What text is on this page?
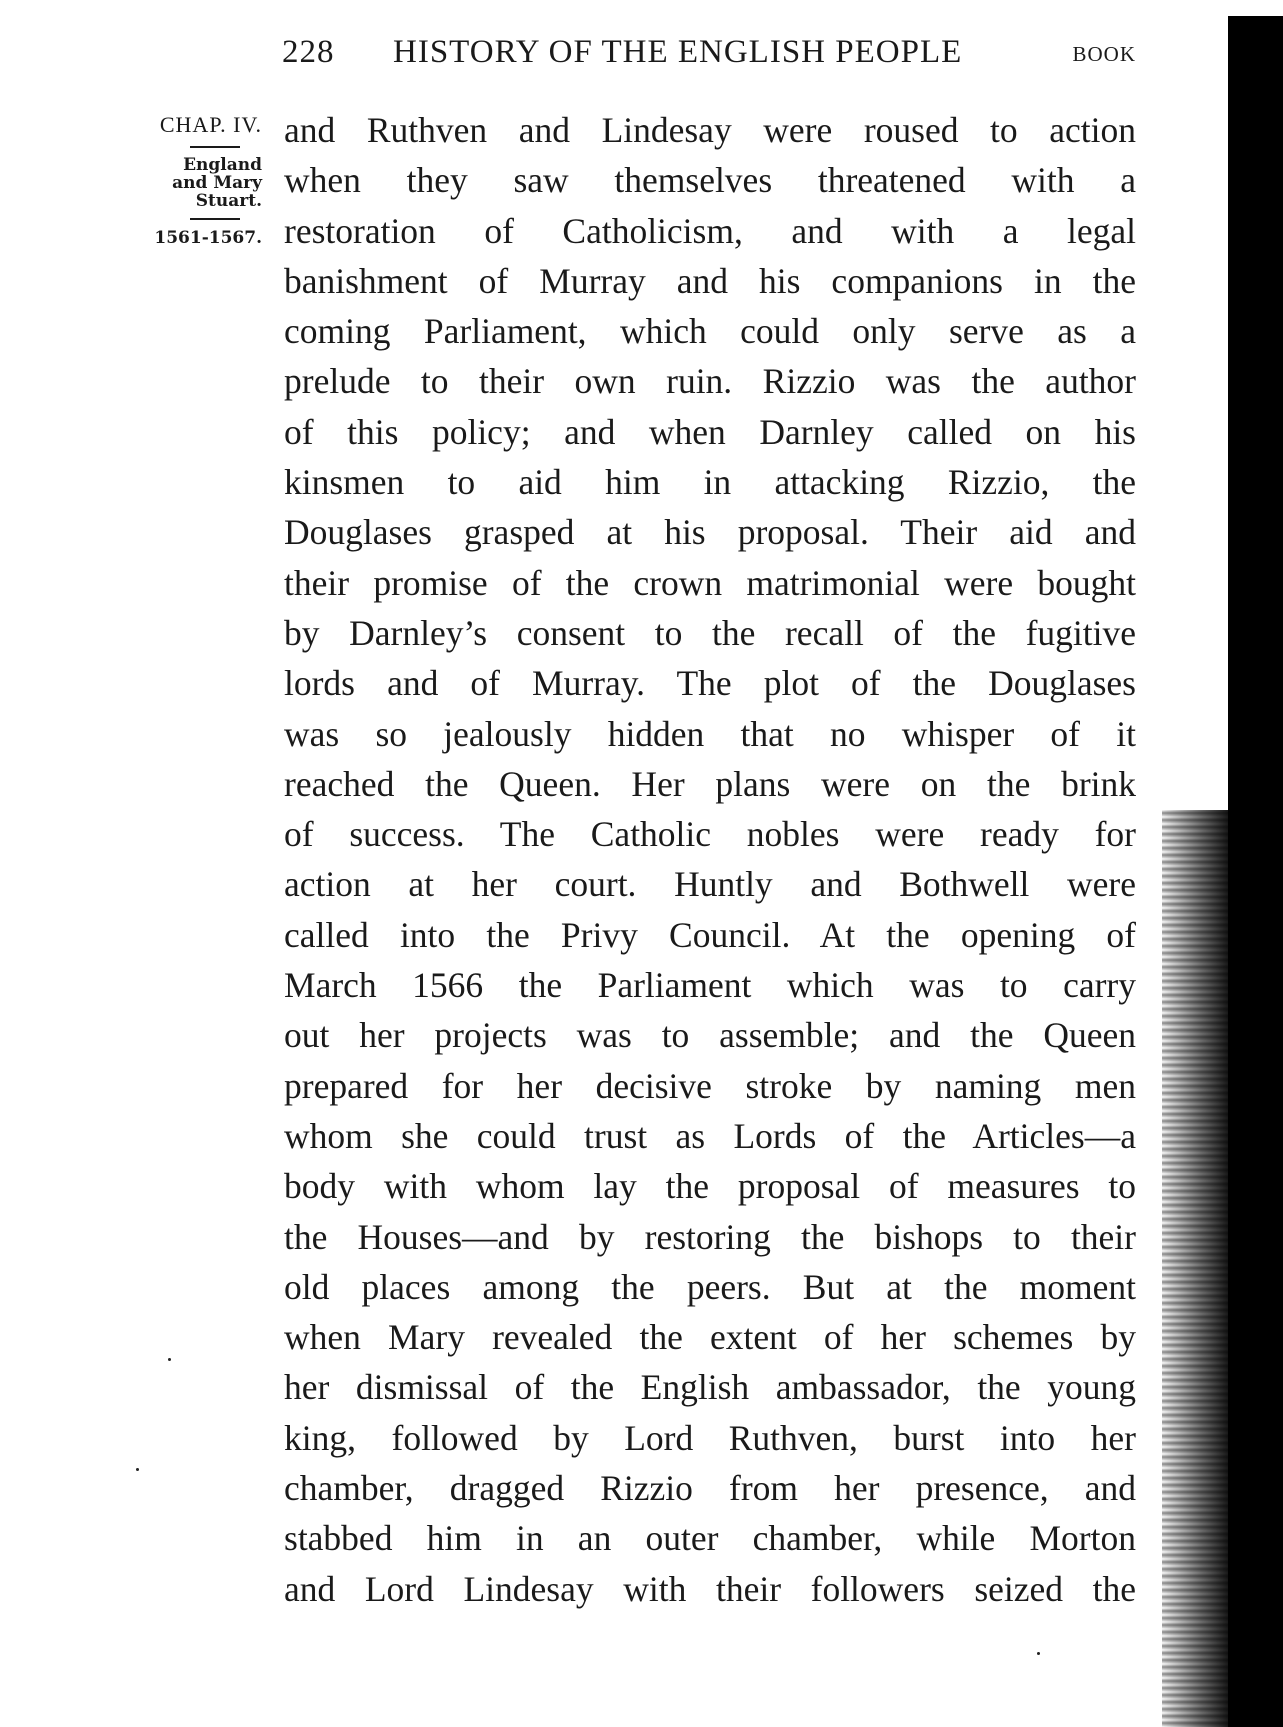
228 HISTORY OF THE ENGLISH PEOPLE	BOOK
CHAP. IV.
England
and Mary
Stuart.
1561-1567.
and Ruthven and Lindesay were roused to action
when they saw themselves threatened with a
restoration of Catholicism, and with a legal
banishment of Murray and his companions in the
coming Parliament, which could only serve as a
prelude to their own ruin. Rizzio was the author
of this policy; and when Darnley called on his
kinsmen to aid him in attacking Rizzio, the
Douglases grasped at his proposal. Their aid and
their promise of the crown matrimonial were bought
by Darnley’s consent to the recall of the fugitive
lords and of Murray. The plot of the Douglases
was so jealously hidden that no whisper of it
reached the Queen. Her plans were on the brink
of success. The Catholic nobles were ready for
action at her court. Huntly and Bothwell were
called into the Privy Council. At the opening of
March 1566 the Parliament which was to carry
out her projects was to assemble; and the Queen
prepared for her decisive stroke by naming men
whom she could trust as Lords of the Articles—a
body with whom lay the proposal of measures to
the Houses—and by restoring the bishops to their
old places among the peers. But at the moment
when Mary revealed the extent of her schemes by
her dismissal of the English ambassador, the young
king, followed by Lord Ruthven, burst into her
chamber, dragged Rizzio from her presence, and
stabbed him in an outer chamber, while Morton
and Lord Lindesay with their followers seized the
